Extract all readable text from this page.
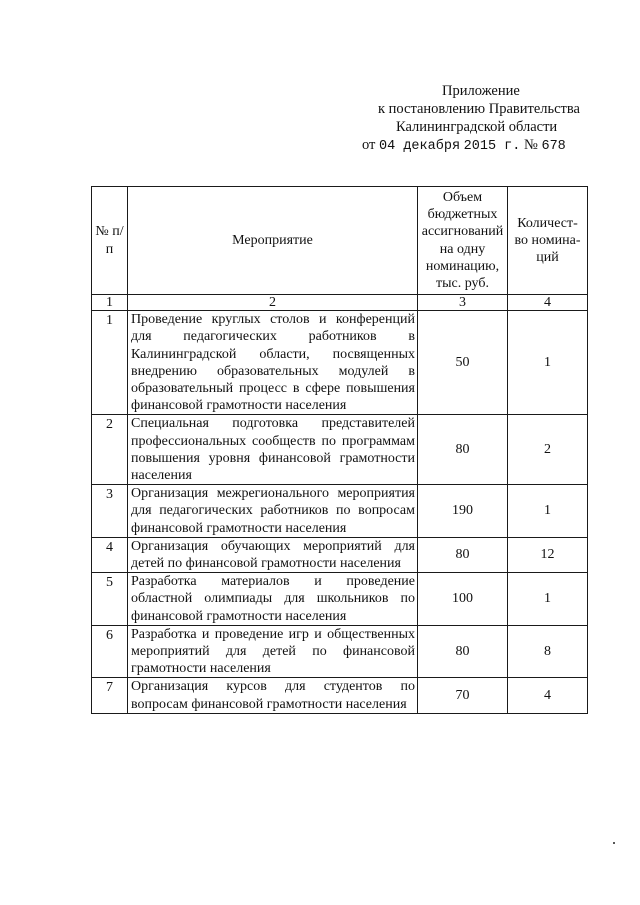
Приложение
к постановлению Правительства
Калининградской области
от 04 декабря 2015 г. № 678
№ п/п	Мероприятие	Объем бюджетных ассигнований на одну номинацию, тыс. руб.	Количест-во номина-ций
1	2	3	4
1	Проведение круглых столов и конференций для педагогических работников в Калининградской области, посвященных внедрению образовательных модулей в образовательный процесс в сфере повышения финансовой грамотности населения	50	1
2	Специальная подготовка представителей профессиональных сообществ по программам повышения уровня финансовой грамотности населения	80	2
3	Организация межрегионального мероприятия для педагогических работников по вопросам финансовой грамотности населения	190	1
4	Организация обучающих мероприятий для детей по финансовой грамотности населения	80	12
5	Разработка материалов и проведение областной олимпиады для школьников по финансовой грамотности населения	100	1
6	Разработка и проведение игр и общественных мероприятий для детей по финансовой грамотности населения	80	8
7	Организация курсов для студентов по вопросам финансовой грамотности населения	70	4
